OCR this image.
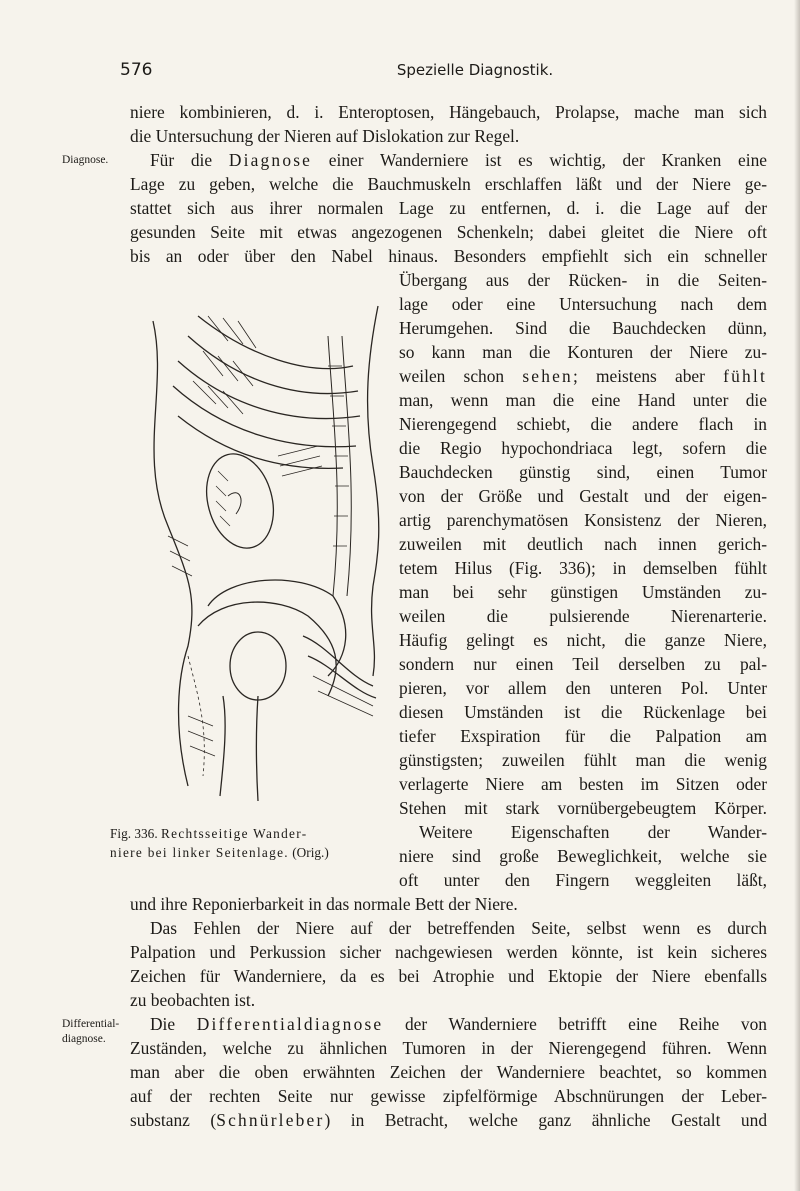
576	Spezielle Diagnostik.
niere kombinieren, d. i. Enteroptosen, Hängebauch, Prolapse, mache man sich
die Untersuchung der Nieren auf Dislokation zur Regel.
Diagnose.	Für die Diagnose einer Wanderniere ist es wichtig, der Kranken eine
Lage zu geben, welche die Bauchmuskeln erschlaffen läßt und der Niere ge-
stattet sich aus ihrer normalen Lage zu entfernen, d. i. die Lage auf der
gesunden Seite mit etwas angezogenen Schenkeln; dabei gleitet die Niere oft
bis an oder über den Nabel hinaus. Besonders empfiehlt sich ein schneller
Übergang aus der Rücken- in die Seiten-
lage oder eine Untersuchung nach dem
Herumgehen. Sind die Bauchdecken dünn,
so kann man die Konturen der Niere zu-
weilen schon sehen; meistens aber fühlt
man, wenn man die eine Hand unter die
Nierengegend schiebt, die andere flach in
die Regio hypochondriaca legt, sofern die
Bauchdecken günstig sind, einen Tumor
von der Größe und Gestalt und der eigen-
artig parenchymatösen Konsistenz der Nieren,
zuweilen mit deutlich nach innen gerich-
tetem Hilus (Fig. 336); in demselben fühlt
man bei sehr günstigen Umständen zu-
weilen die pulsierende Nierenarterie.
Häufig gelingt es nicht, die ganze Niere,
sondern nur einen Teil derselben zu pal-
pieren, vor allem den unteren Pol. Unter
diesen Umständen ist die Rückenlage bei
tiefer Exspiration für die Palpation am
günstigsten; zuweilen fühlt man die wenig
verlagerte Niere am besten im Sitzen oder
Stehen mit stark vornübergebeugtem Körper.
Weitere Eigenschaften der Wander-
niere sind große Beweglichkeit, welche sie
oft unter den Fingern weggleiten läßt,
Fig. 336. Rechtsseitige Wander-
niere bei linker Seitenlage. (Orig.)
und ihre Reponierbarkeit in das normale Bett der Niere.
Das Fehlen der Niere auf der betreffenden Seite, selbst wenn es durch
Palpation und Perkussion sicher nachgewiesen werden könnte, ist kein sicheres
Zeichen für Wanderniere, da es bei Atrophie und Ektopie der Niere ebenfalls
zu beobachten ist.
Differential-
diagnose.
Die Differentialdiagnose der Wanderniere betrifft eine Reihe von
Zuständen, welche zu ähnlichen Tumoren in der Nierengegend führen. Wenn
man aber die oben erwähnten Zeichen der Wanderniere beachtet, so kommen
auf der rechten Seite nur gewisse zipfelförmige Abschnürungen der Leber-
substanz (Schnürleber) in Betracht, welche ganz ähnliche Gestalt und
